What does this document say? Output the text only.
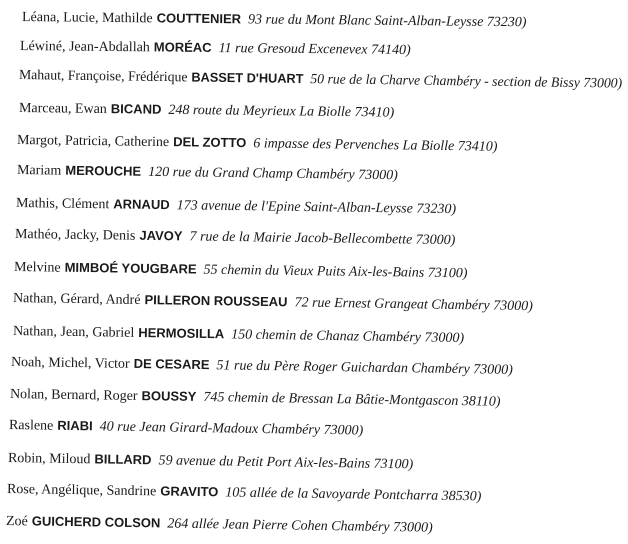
Léana, Lucie, Mathilde COUTTENIER 93 rue du Mont Blanc Saint-Alban-Leysse 73230)
Léwiné, Jean-Abdallah MORÉAC 11 rue Gresoud Excenevex 74140)
Mahaut, Françoise, Frédérique BASSET D'HUART 50 rue de la Charve Chambéry - section de Bissy 73000)
Marceau, Ewan BICAND 248 route du Meyrieux La Biolle 73410)
Margot, Patricia, Catherine DEL ZOTTO 6 impasse des Pervenches La Biolle 73410)
Mariam MEROUCHE 120 rue du Grand Champ Chambéry 73000)
Mathis, Clément ARNAUD 173 avenue de l'Epine Saint-Alban-Leysse 73230)
Mathéo, Jacky, Denis JAVOY 7 rue de la Mairie Jacob-Bellecombette 73000)
Melvine MIMBOÉ YOUGBARE 55 chemin du Vieux Puits Aix-les-Bains 73100)
Nathan, Gérard, André PILLERON ROUSSEAU 72 rue Ernest Grangeat Chambéry 73000)
Nathan, Jean, Gabriel HERMOSILLA 150 chemin de Chanaz Chambéry 73000)
Noah, Michel, Victor DE CESARE 51 rue du Père Roger Guichardan Chambéry 73000)
Nolan, Bernard, Roger BOUSSY 745 chemin de Bressan La Bâtie-Montgascon 38110)
Raslene RIABI 40 rue Jean Girard-Madoux Chambéry 73000)
Robin, Miloud BILLARD 59 avenue du Petit Port Aix-les-Bains 73100)
Rose, Angélique, Sandrine GRAVITO 105 allée de la Savoyarde Pontcharra 38530)
Zoé GUICHERD COLSON 264 allée Jean Pierre Cohen Chambéry 73000)
